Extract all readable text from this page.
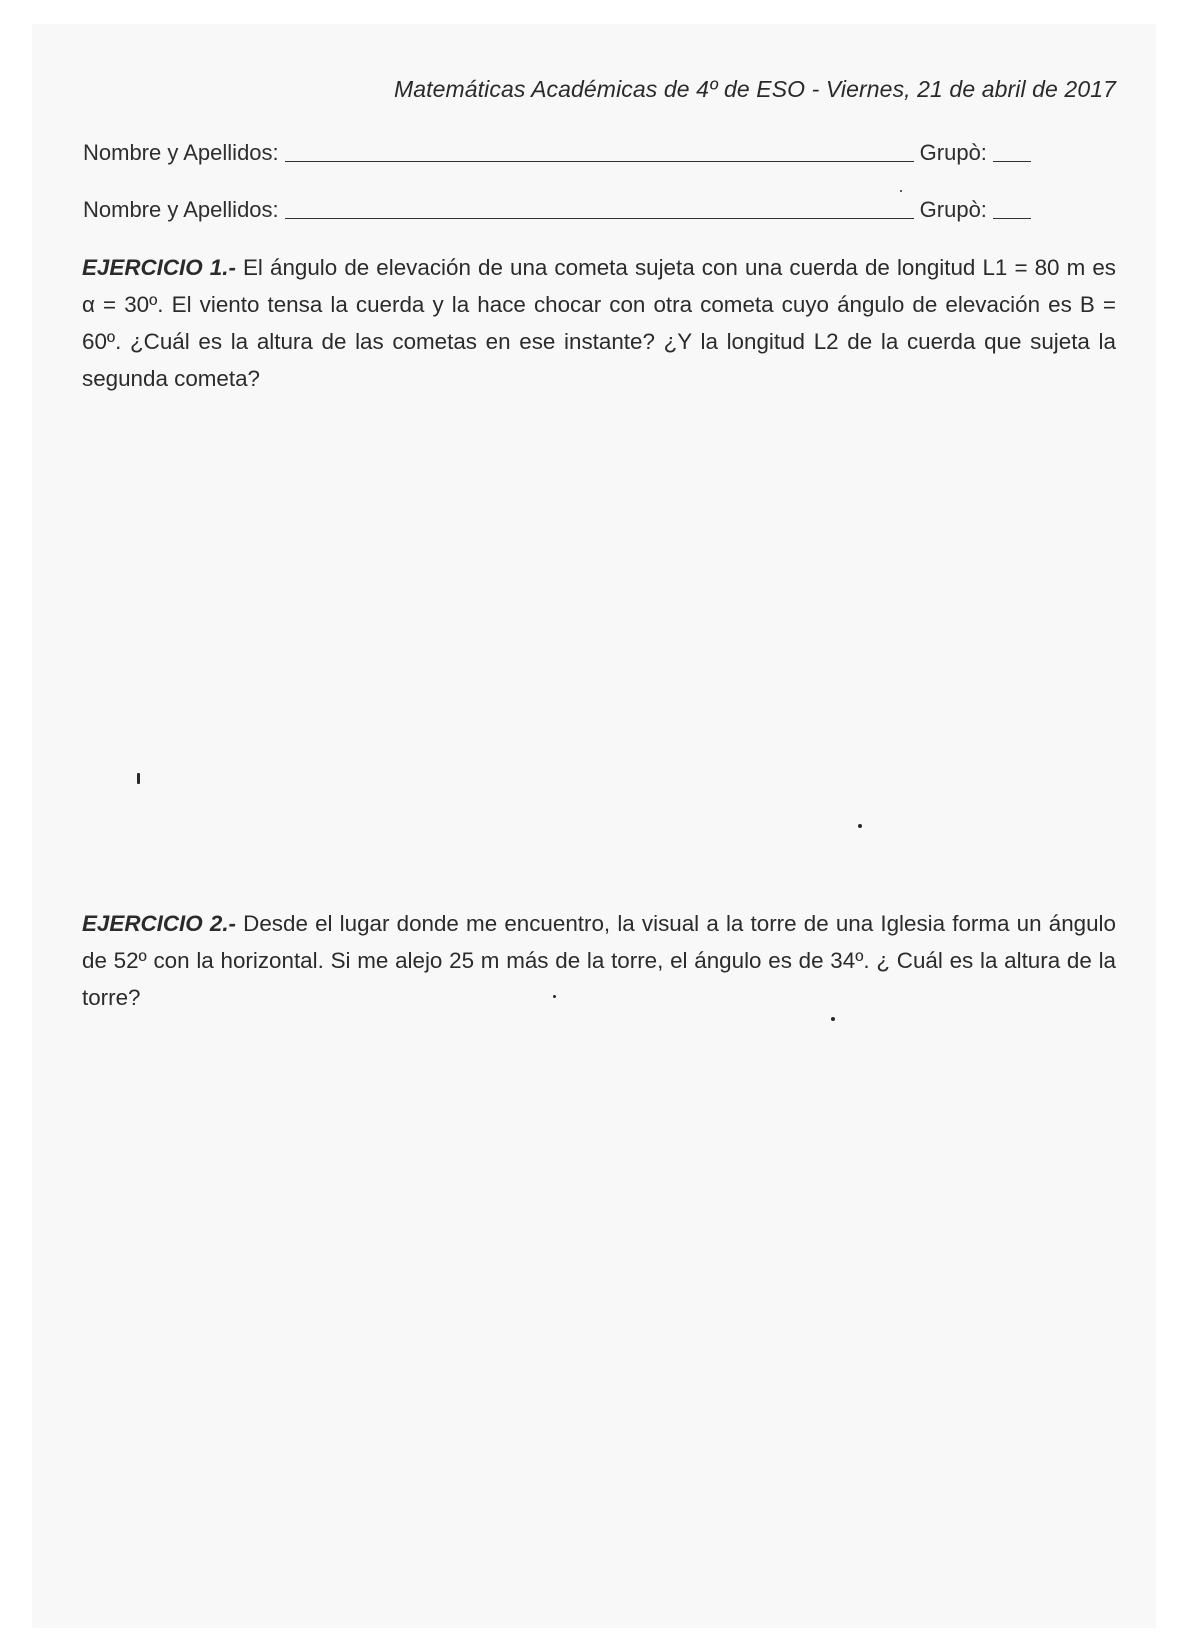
Matemáticas Académicas de 4º de ESO - Viernes, 21 de abril de 2017
Nombre y Apellidos:	Grupò:
Nombre y Apellidos:	Grupò:
EJERCICIO 1.- El ángulo de elevación de una cometa sujeta con una cuerda de longitud L1 = 80 m es α = 30º. El viento tensa la cuerda y la hace chocar con otra cometa cuyo ángulo de elevación es B = 60º. ¿Cuál es la altura de las cometas en ese instante? ¿Y la longitud L2 de la cuerda que sujeta la segunda cometa?
EJERCICIO 2.- Desde el lugar donde me encuentro, la visual a la torre de una Iglesia forma un ángulo de 52º con la horizontal. Si me alejo 25 m más de la torre, el ángulo es de 34º. ¿ Cuál es la altura de la torre?
